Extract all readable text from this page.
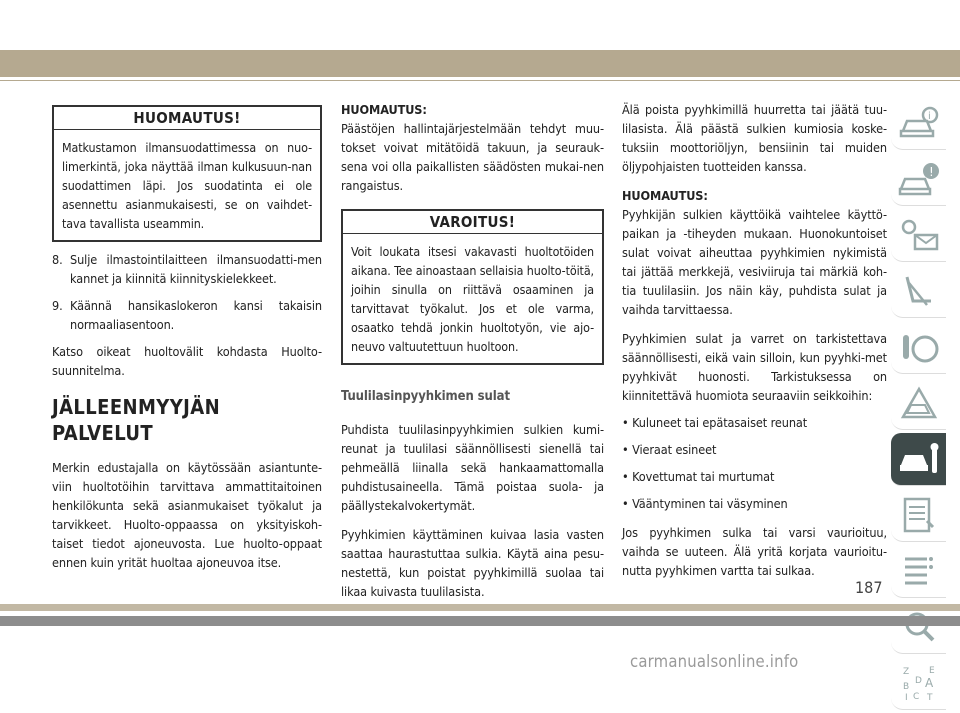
HUOMAUTUS!
Matkustamon ilmansuodattimessa on nuo-limerkintä, joka näyttää ilman kulkusuun-nan suodattimen läpi. Jos suodatinta ei ole asennettu asianmukaisesti, se on vaihdet-tava tavallista useammin.
8. Sulje ilmastointilaitteen ilmansuodatti-men kannet ja kiinnitä kiinnityskielekkeet.
9. Käännä hansikaslokeron kansi takaisin normaaliasentoon.

Katso oikeat huoltovälit kohdasta Huolto-suunnitelma.

JÄLLEENMYYJÄN PALVELUT

Merkin edustajalla on käytössään asiantunte-viin huoltotöihin tarvittava ammattitaitoinen henkilökunta sekä asianmukaiset työkalut ja tarvikkeet. Huolto-oppaassa on yksityiskoh-taiset tiedot ajoneuvosta. Lue huolto-oppaat ennen kuin yrität huoltaa ajoneuvoa itse.

HUOMAUTUS:

Päästöjen hallintajärjestelmään tehdyt muu-tokset voivat mitätöidä takuun, ja seurauk-sena voi olla paikallisten säädösten mukai-nen rangaistus.

VAROITUS!
Voit loukata itsesi vakavasti huoltotöiden aikana. Tee ainoastaan sellaisia huolto-töitä, joihin sinulla on riittävä osaaminen ja tarvittavat työkalut. Jos et ole varma, osaatko tehdä jonkin huoltotyön, vie ajo-neuvo valtuutettuun huoltoon.
Tuulilasinpyyhkimen sulat

Puhdista tuulilasinpyyhkimien sulkien kumi-reunat ja tuulilasi säännöllisesti sienellä tai pehmeällä liinalla sekä hankaamattomalla puhdistusaineella. Tämä poistaa suola- ja päällystekalvokertymät.

Pyyhkimien käyttäminen kuivaa lasia vasten saattaa haurastuttaa sulkia. Käytä aina pesu-nestettä, kun poistat pyyhkimillä suolaa tai likaa kuivasta tuulilasista.

Älä poista pyyhkimillä huurretta tai jäätä tuu-lilasista. Älä päästä sulkien kumiosia koske-tuksiin moottoriöljyn, bensiinin tai muiden öljypohjaisten tuotteiden kanssa.

HUOMAUTUS:

Pyyhkijän sulkien käyttöikä vaihtelee käyttö-paikan ja -tiheyden mukaan. Huonokuntoiset sulat voivat aiheuttaa pyyhkimien nykimistä tai jättää merkkejä, vesiviiruja tai märkiä koh-tia tuulilasiin. Jos näin käy, puhdista sulat ja vaihda tarvittaessa.

Pyyhkimien sulat ja varret on tarkistettava säännöllisesti, eikä vain silloin, kun pyyhki-met pyyhkivät huonosti. Tarkistuksessa on kiinnitettävä huomiota seuraaviin seikkoihin:

• Kuluneet tai epätasaiset reunat

• Vieraat esineet

• Kovettumat tai murtumat

• Vääntyminen tai väsyminen

Jos pyyhkimen sulka tai varsi vaurioituu, vaihda se uuteen. Älä yritä korjata vaurioitu-nutta pyyhkimen vartta tai sulkaa.

i
!
Z E
B A
D
I C T
187
carmanualsonline.info
